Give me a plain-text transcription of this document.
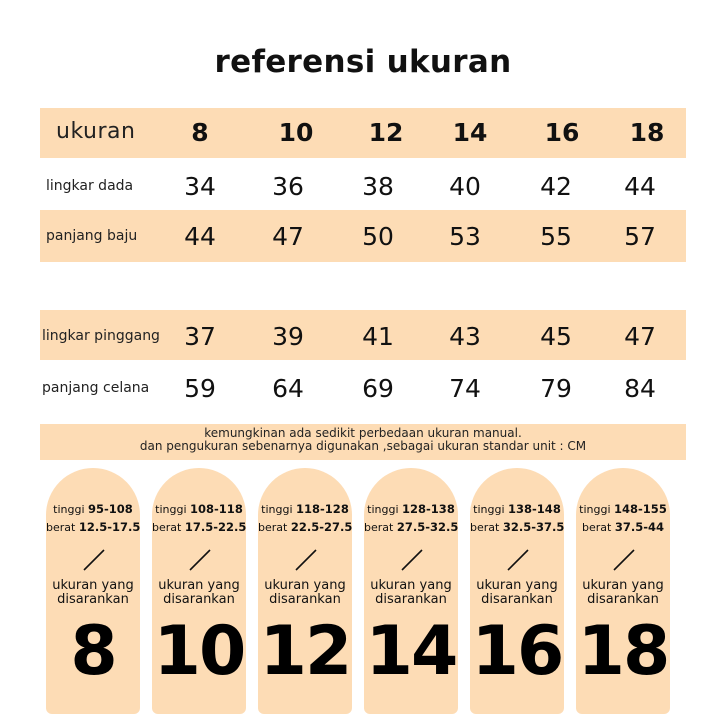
referensi ukuran
ukuran	8	10	12	14	16	18
lingkar dada	34	36	38	40	42	44
panjang baju	44	47	50	53	55	57
lingkar pinggang 37	39	41	43	45	47
panjang celana	59	64	69	74	79	84
kemungkinan ada sedikit perbedaan ukuran manual.
dan pengukuran sebenarnya digunakan ,sebagai ukuran standar unit : CM
tinggi 95-108
berat 12.5-17.5
ukuran yang
disarankan
8
tinggi 108-118
berat 17.5-22.5
ukuran yang
disarankan
10
tinggi 118-128
berat 22.5-27.5
ukuran yang
disarankan
12
tinggi 128-138
berat 27.5-32.5
ukuran yang
disarankan
14
tinggi 138-148
berat 32.5-37.5
ukuran yang
disarankan
16
tinggi 148-155
berat 37.5-44
ukuran yang
disarankan
18
